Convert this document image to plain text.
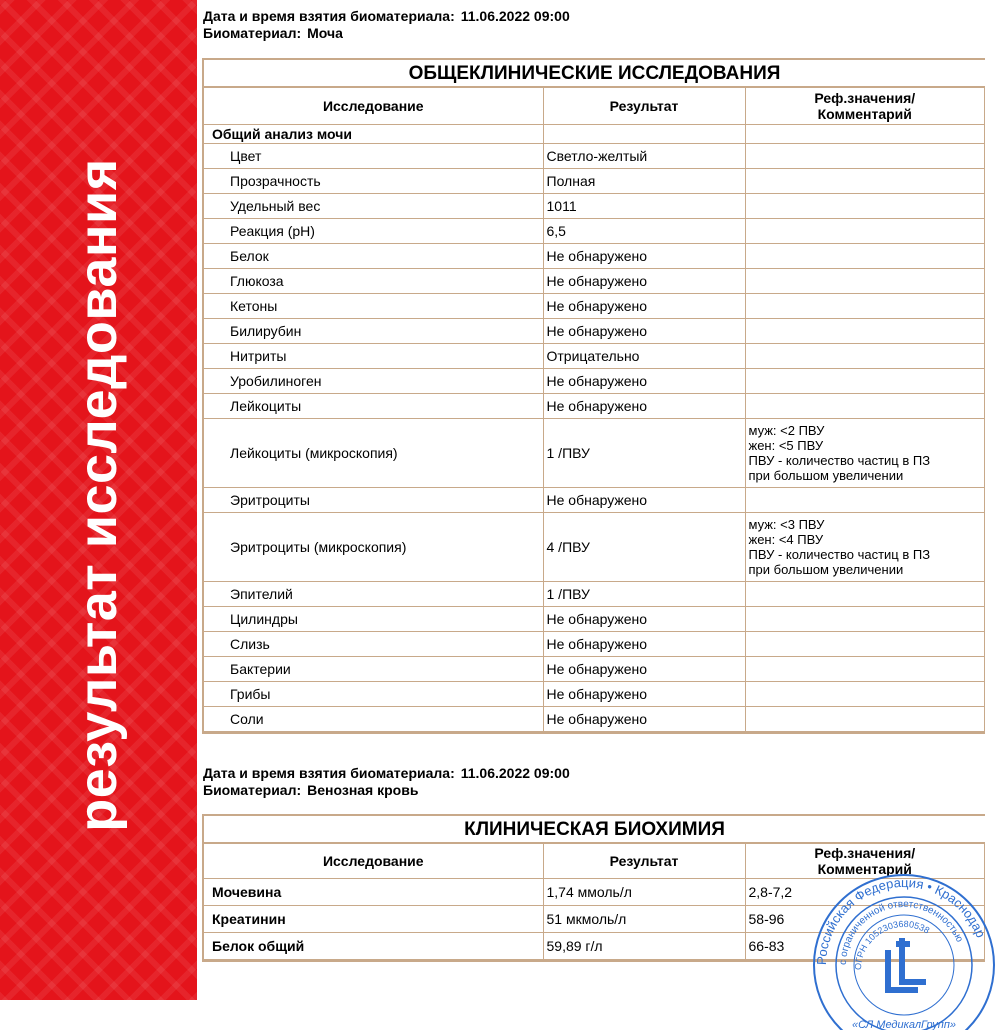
результат исследования
Дата и время взятия биоматериала: 11.06.2022 09:00
Биоматериал: Моча
ОБЩЕКЛИНИЧЕСКИЕ ИССЛЕДОВАНИЯ
Исследование	Результат	Реф.значения/
Комментарий
Общий анализ мочи		
Цвет	Светло-желтый	
Прозрачность	Полная	
Удельный вес	1011	
Реакция (pH)	6,5	
Белок	Не обнаружено	
Глюкоза	Не обнаружено	
Кетоны	Не обнаружено	
Билирубин	Не обнаружено	
Нитриты	Отрицательно	
Уробилиноген	Не обнаружено	
Лейкоциты	Не обнаружено	
Лейкоциты (микроскопия)	1 /ПВУ	муж: <2 ПВУ
жен: <5 ПВУ
ПВУ - количество частиц в ПЗ
при большом увеличении

Эритроциты	Не обнаружено	
Эритроциты (микроскопия)	4 /ПВУ	муж: <3 ПВУ
жен: <4 ПВУ
ПВУ - количество частиц в ПЗ
при большом увеличении

Эпителий	1 /ПВУ	
Цилиндры	Не обнаружено	
Слизь	Не обнаружено	
Бактерии	Не обнаружено	
Грибы	Не обнаружено	
Соли	Не обнаружено	
Дата и время взятия биоматериала: 11.06.2022 09:00
Биоматериал: Венозная кровь
КЛИНИЧЕСКАЯ БИОХИМИЯ
Исследование	Результат	Реф.значения/
Комментарий
Мочевина	1,74 ммоль/л	2,8-7,2
Креатинин	51 мкмоль/л	58-96
Белок общий	59,89 г/л	66-83
Российская Федерация • Краснодар
с ограниченной ответственностью
ОГРН 1052303680538
«СЛ МедикалГрупп»
